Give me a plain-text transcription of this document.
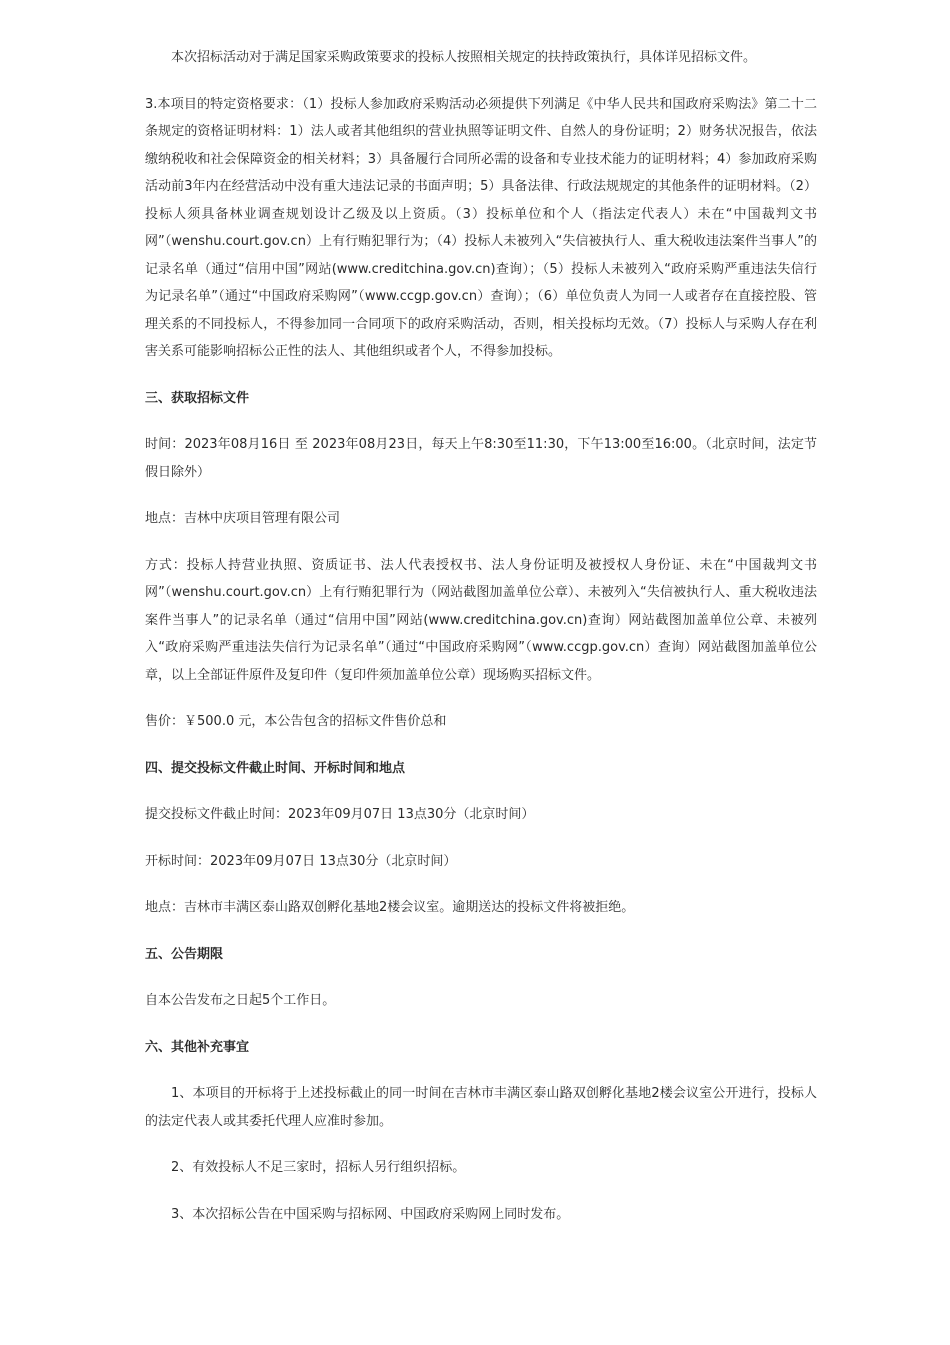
本次招标活动对于满足国家采购政策要求的投标人按照相关规定的扶持政策执行，具体详见招标文件。

3.本项目的特定资格要求：（1）投标人参加政府采购活动必须提供下列满足《中华人民共和国政府采购法》第二十二条规定的资格证明材料：1）法人或者其他组织的营业执照等证明文件、自然人的身份证明；2）财务状况报告，依法缴纳税收和社会保障资金的相关材料；3）具备履行合同所必需的设备和专业技术能力的证明材料；4）参加政府采购活动前3年内在经营活动中没有重大违法记录的书面声明；5）具备法律、行政法规规定的其他条件的证明材料。（2）投标人须具备林业调查规划设计乙级及以上资质。（3）投标单位和个人（指法定代表人）未在“中国裁判文书网”（wenshu.court.gov.cn）上有行贿犯罪行为；（4）投标人未被列入“失信被执行人、重大税收违法案件当事人”的记录名单（通过“信用中国”网站(www.creditchina.gov.cn)查询）；（5）投标人未被列入“政府采购严重违法失信行为记录名单”（通过“中国政府采购网”（www.ccgp.gov.cn）查询）；（6）单位负责人为同一人或者存在直接控股、管理关系的不同投标人，不得参加同一合同项下的政府采购活动，否则，相关投标均无效。（7）投标人与采购人存在利害关系可能影响招标公正性的法人、其他组织或者个人，不得参加投标。

三、获取招标文件

时间：2023年08月16日 至 2023年08月23日，每天上午8:30至11:30，下午13:00至16:00。（北京时间，法定节假日除外）

地点：吉林中庆项目管理有限公司

方式：投标人持营业执照、资质证书、法人代表授权书、法人身份证明及被授权人身份证、未在“中国裁判文书网”（wenshu.court.gov.cn）上有行贿犯罪行为（网站截图加盖单位公章）、未被列入“失信被执行人、重大税收违法案件当事人”的记录名单（通过“信用中国”网站(www.creditchina.gov.cn)查询）网站截图加盖单位公章、未被列入“政府采购严重违法失信行为记录名单”（通过“中国政府采购网”（www.ccgp.gov.cn）查询）网站截图加盖单位公章，以上全部证件原件及复印件（复印件须加盖单位公章）现场购买招标文件。

售价：￥500.0 元，本公告包含的招标文件售价总和

四、提交投标文件截止时间、开标时间和地点

提交投标文件截止时间：2023年09月07日 13点30分（北京时间）

开标时间：2023年09月07日 13点30分（北京时间）

地点：吉林市丰满区泰山路双创孵化基地2楼会议室。逾期送达的投标文件将被拒绝。

五、公告期限

自本公告发布之日起5个工作日。

六、其他补充事宜

1、本项目的开标将于上述投标截止的同一时间在吉林市丰满区泰山路双创孵化基地2楼会议室公开进行，投标人的法定代表人或其委托代理人应准时参加。

2、有效投标人不足三家时，招标人另行组织招标。

3、本次招标公告在中国采购与招标网、中国政府采购网上同时发布。
